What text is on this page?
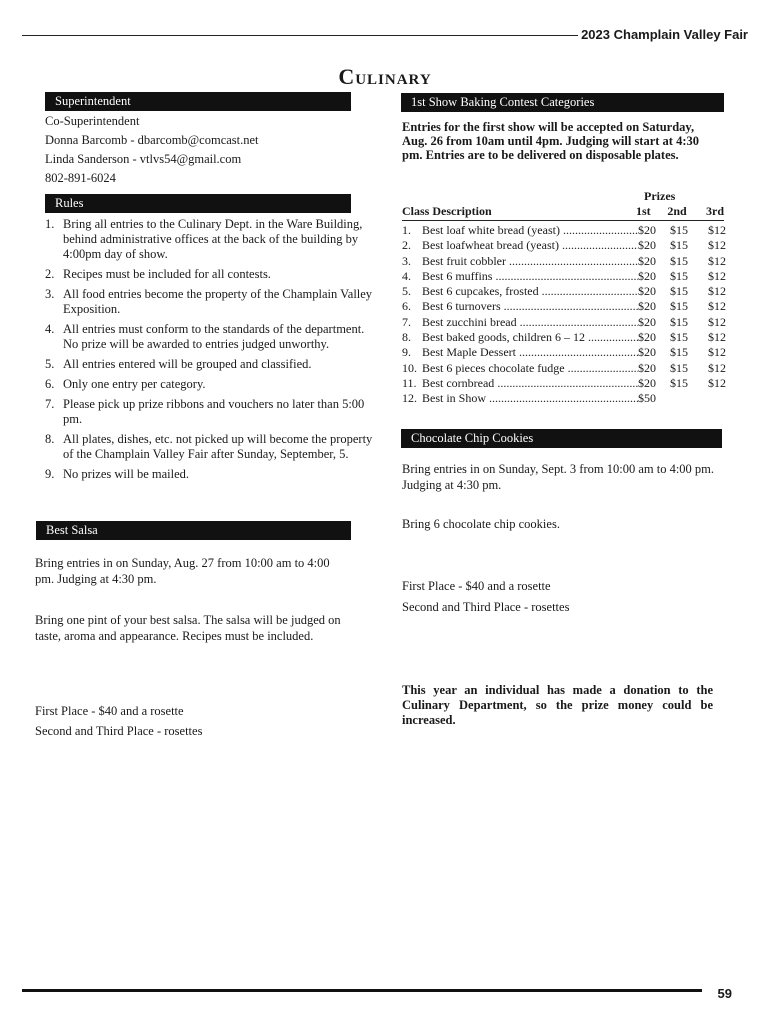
2023 Champlain Valley Fair
Culinary
Superintendent
Co-Superintendent
Donna Barcomb - dbarcomb@comcast.net
Linda Sanderson - vtlvs54@gmail.com
802-891-6024
Rules
1. Bring all entries to the Culinary Dept. in the Ware Building, behind administrative offices at the back of the building by 4:00pm day of show.
2. Recipes must be included for all contests.
3. All food entries become the property of the Champlain Valley Exposition.
4. All entries must conform to the standards of the department. No prize will be awarded to entries judged unworthy.
5. All entries entered will be grouped and classified.
6. Only one entry per category.
7. Please pick up prize ribbons and vouchers no later than 5:00 pm.
8. All plates, dishes, etc. not picked up will become the property of the Champlain Valley Fair after Sunday, September, 5.
9. No prizes will be mailed.
Best Salsa
Bring entries in on Sunday, Aug. 27 from 10:00 am to 4:00 pm. Judging at 4:30 pm.
Bring one pint of your best salsa. The salsa will be judged on taste, aroma and appearance. Recipes must be included.
First Place - $40 and a rosette
Second and Third Place - rosettes
1st Show Baking Contest Categories
Entries for the first show will be accepted on Saturday, Aug. 26 from 10am until 4pm. Judging will start at 4:30 pm. Entries are to be delivered on disposable plates.
Prizes
Class Description	1st	2nd	3rd
1. Best loaf white bread (yeast) .....	$20	$15	$12
2. Best loafwheat bread (yeast) .....	$20	$15	$12
3. Best fruit cobbler .....	$20	$15	$12
4. Best 6 muffins .....	$20	$15	$12
5. Best 6 cupcakes, frosted .....	$20	$15	$12
6. Best 6 turnovers .....	$20	$15	$12
7. Best zucchini bread .....	$20	$15	$12
8. Best baked goods, children 6 – 12 .....	$20	$15	$12
9. Best Maple Dessert .....	$20	$15	$12
10. Best 6 pieces chocolate fudge .....	$20	$15	$12
11. Best cornbread .....	$20	$15	$12
12. Best in Show .....	$50
Chocolate Chip Cookies
Bring entries in on Sunday, Sept. 3 from 10:00 am to 4:00 pm. Judging at 4:30 pm.
Bring 6 chocolate chip cookies.
First Place - $40 and a rosette
Second and Third Place - rosettes
This year an individual has made a donation to the Culinary Department, so the prize money could be increased.
59
